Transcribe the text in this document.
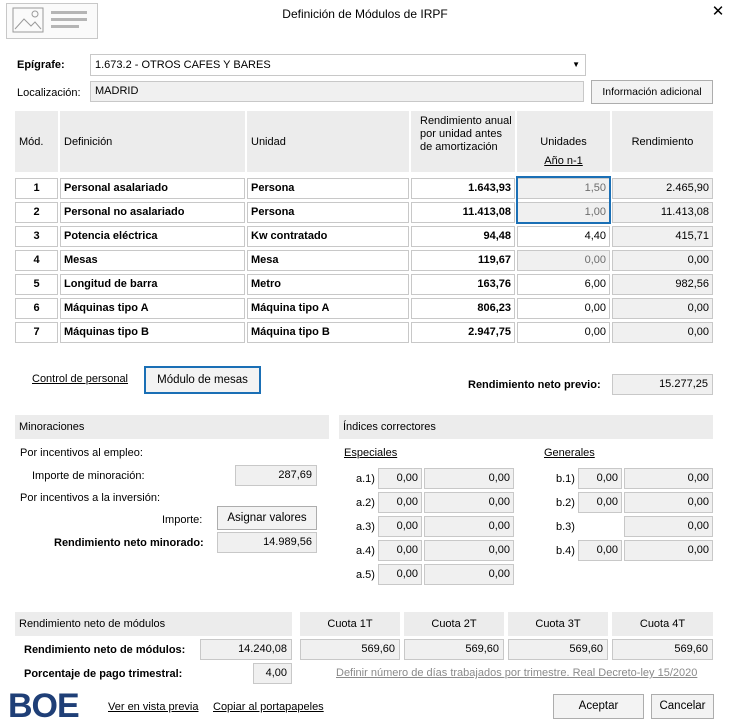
Definición de Módulos de IRPF	✕
Epígrafe:	1.673.2 - OTROS CAFES Y BARES	▼
Localización:	MADRID	Información adicional
Mód. Definición	Unidad
Rendimiento anual por unidad antes de amortización	Unidades
Año n-1
Rendimiento
1	Personal asalariado	Persona	1.643,93	1,50	2.465,90
2	Personal no asalariado	Persona	11.413,08	1,00	11.413,08
3	Potencia eléctrica	Kw contratado	94,48	4,40	415,71
4	Mesas	Mesa	119,67	0,00	0,00
5	Longitud de barra	Metro	163,76	6,00	982,56
6	Máquinas tipo A	Máquina tipo A	806,23	0,00	0,00
7	Máquinas tipo B	Máquina tipo B	2.947,75	0,00	0,00
Control de personal	Módulo de mesas	Rendimiento neto previo:	15.277,25
Minoraciones
Por incentivos al empleo:
Importe de minoración:	287,69
Por incentivos a la inversión:
Importe:	Asignar valores
Rendimiento neto minorado:	14.989,56
Índices correctores
Especiales	Generales
a.1)	0,00	0,00
a.2)	0,00	0,00
a.3)	0,00	0,00
a.4)	0,00	0,00
a.5)	0,00	0,00
b.1)	0,00	0,00
b.2)	0,00	0,00
b.3)	0,00
b.4)	0,00	0,00
Rendimiento neto de módulos	Cuota 1T	Cuota 2T	Cuota 3T	Cuota 4T
Rendimiento neto de módulos:	14.240,08	569,60	569,60	569,60	569,60
Porcentaje de pago trimestral:	4,00	Definir número de días trabajados por trimestre. Real Decreto-ley 15/2020
BOE	Ver en vista previa Copiar al portapapeles	Aceptar	Cancelar
